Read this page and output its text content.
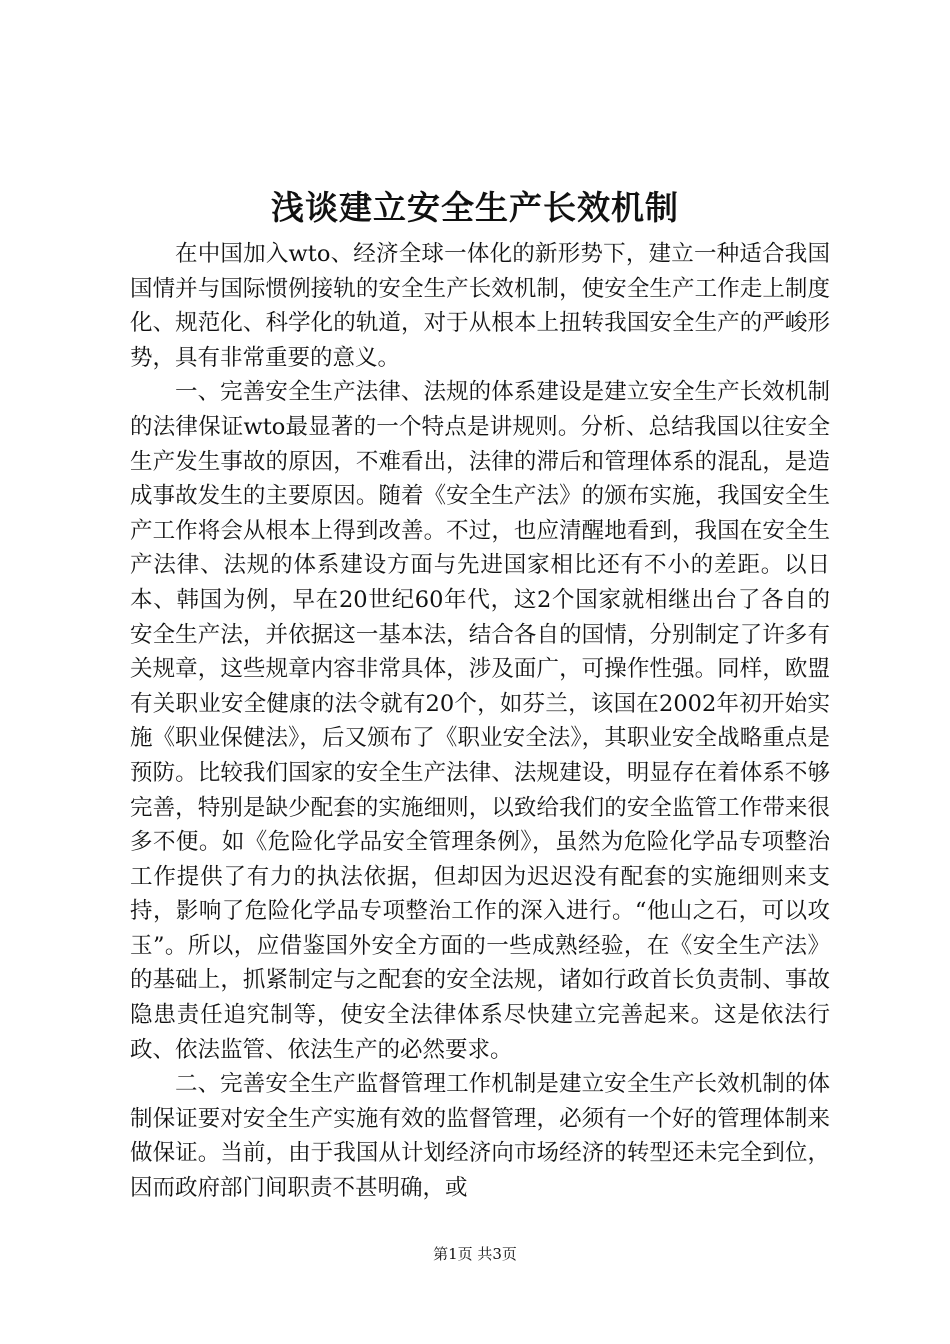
浅谈建立安全生产长效机制

在中国加入wto、经济全球一体化的新形势下，建立一种适合我国国情并与国际惯例接轨的安全生产长效机制，使安全生产工作走上制度化、规范化、科学化的轨道，对于从根本上扭转我国安全生产的严峻形势，具有非常重要的意义。

一、完善安全生产法律、法规的体系建设是建立安全生产长效机制的法律保证wto最显著的一个特点是讲规则。分析、总结我国以往安全生产发生事故的原因，不难看出，法律的滞后和管理体系的混乱，是造成事故发生的主要原因。随着《安全生产法》的颁布实施，我国安全生产工作将会从根本上得到改善。不过，也应清醒地看到，我国在安全生产法律、法规的体系建设方面与先进国家相比还有不小的差距。以日本、韩国为例，早在20世纪60年代，这2个国家就相继出台了各自的安全生产法，并依据这一基本法，结合各自的国情，分别制定了许多有关规章，这些规章内容非常具体，涉及面广，可操作性强。同样，欧盟有关职业安全健康的法令就有20个，如芬兰，该国在2002年初开始实施《职业保健法》，后又颁布了《职业安全法》，其职业安全战略重点是预防。比较我们国家的安全生产法律、法规建设，明显存在着体系不够完善，特别是缺少配套的实施细则，以致给我们的安全监管工作带来很多不便。如《危险化学品安全管理条例》，虽然为危险化学品专项整治工作提供了有力的执法依据，但却因为迟迟没有配套的实施细则来支持，影响了危险化学品专项整治工作的深入进行。“他山之石，可以攻玉”。所以，应借鉴国外安全方面的一些成熟经验，在《安全生产法》的基础上，抓紧制定与之配套的安全法规，诸如行政首长负责制、事故隐患责任追究制等，使安全法律体系尽快建立完善起来。这是依法行政、依法监管、依法生产的必然要求。

二、完善安全生产监督管理工作机制是建立安全生产长效机制的体制保证要对安全生产实施有效的监督管理，必须有一个好的管理体制来做保证。当前，由于我国从计划经济向市场经济的转型还未完全到位，因而政府部门间职责不甚明确，或

第1页 共3页
